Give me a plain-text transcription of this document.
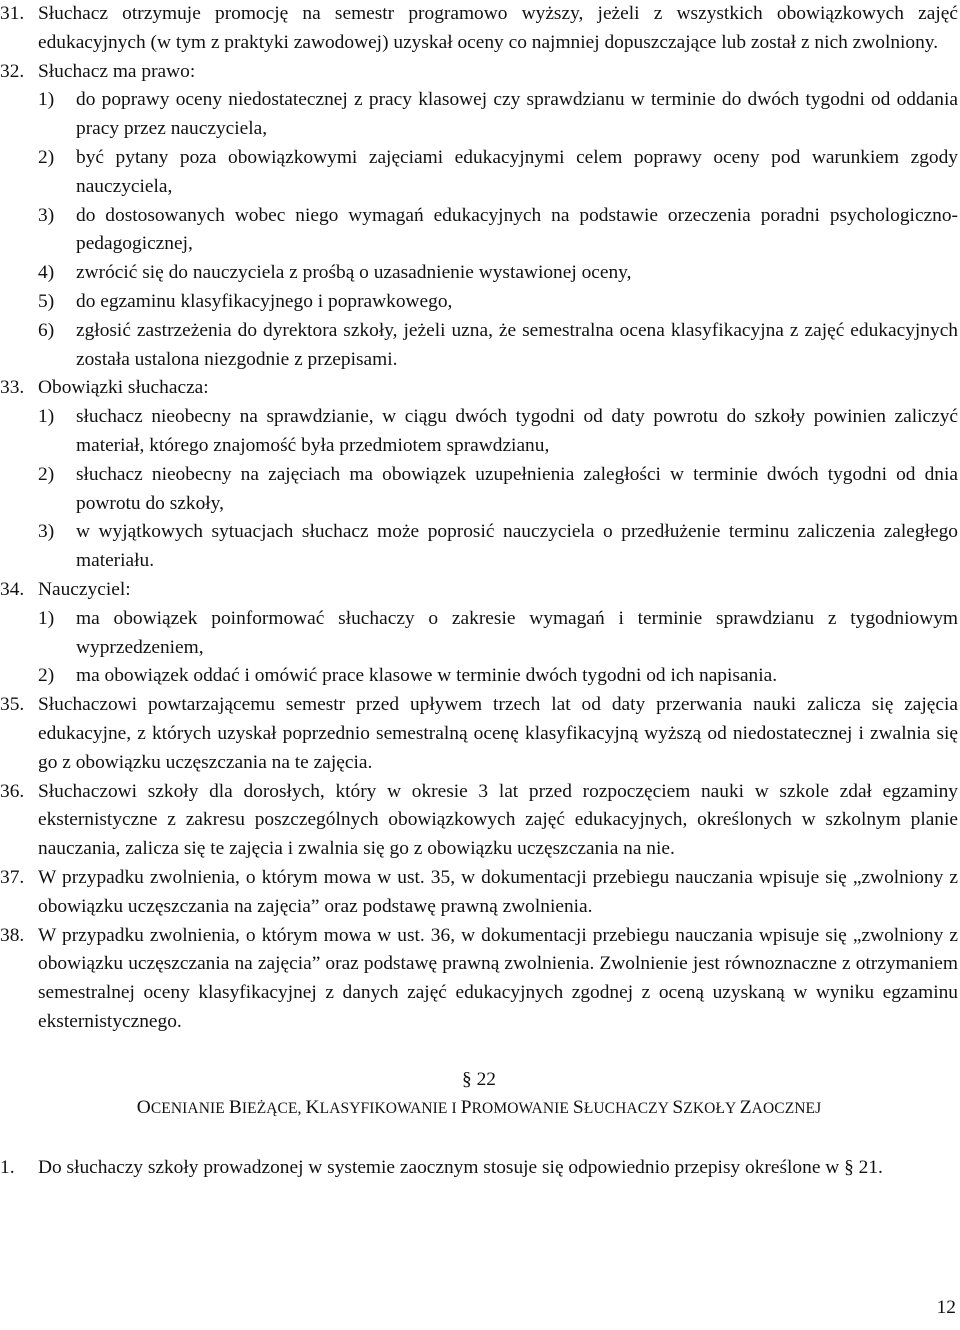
31. Słuchacz otrzymuje promocję na semestr programowo wyższy, jeżeli z wszystkich obowiązkowych zajęć edukacyjnych (w tym z praktyki zawodowej) uzyskał oceny co najmniej dopuszczające lub został z nich zwolniony.
32. Słuchacz ma prawo:
1) do poprawy oceny niedostatecznej z pracy klasowej czy sprawdzianu w terminie do dwóch tygodni od oddania pracy przez nauczyciela,
2) być pytany poza obowiązkowymi zajęciami edukacyjnymi celem poprawy oceny pod warunkiem zgody nauczyciela,
3) do dostosowanych wobec niego wymagań edukacyjnych na podstawie orzeczenia poradni psychologiczno-pedagogicznej,
4) zwrócić się do nauczyciela z prośbą o uzasadnienie wystawionej oceny,
5) do egzaminu klasyfikacyjnego i poprawkowego,
6) zgłosić zastrzeżenia do dyrektora szkoły, jeżeli uzna, że semestralna ocena klasyfikacyjna z zajęć edukacyjnych została ustalona niezgodnie z przepisami.
33. Obowiązki słuchacza:
1) słuchacz nieobecny na sprawdzianie, w ciągu dwóch tygodni od daty powrotu do szkoły powinien zaliczyć materiał, którego znajomość była przedmiotem sprawdzianu,
2) słuchacz nieobecny na zajęciach ma obowiązek uzupełnienia zaległości w terminie dwóch tygodni od dnia powrotu do szkoły,
3) w wyjątkowych sytuacjach słuchacz może poprosić nauczyciela o przedłużenie terminu zaliczenia zaległego materiału.
34. Nauczyciel:
1) ma obowiązek poinformować słuchaczy o zakresie wymagań i terminie sprawdzianu z tygodniowym wyprzedzeniem,
2) ma obowiązek oddać i omówić prace klasowe w terminie dwóch tygodni od ich napisania.
35. Słuchaczowi powtarzającemu semestr przed upływem trzech lat od daty przerwania nauki zalicza się zajęcia edukacyjne, z których uzyskał poprzednio semestralną ocenę klasyfikacyjną wyższą od niedostatecznej i zwalnia się go z obowiązku uczęszczania na te zajęcia.
36. Słuchaczowi szkoły dla dorosłych, który w okresie 3 lat przed rozpoczęciem nauki w szkole zdał egzaminy eksternistyczne z zakresu poszczególnych obowiązkowych zajęć edukacyjnych, określonych w szkolnym planie nauczania, zalicza się te zajęcia i zwalnia się go z obowiązku uczęszczania na nie.
37. W przypadku zwolnienia, o którym mowa w ust. 35, w dokumentacji przebiegu nauczania wpisuje się „zwolniony z obowiązku uczęszczania na zajęcia” oraz podstawę prawną zwolnienia.
38. W przypadku zwolnienia, o którym mowa w ust. 36, w dokumentacji przebiegu nauczania wpisuje się „zwolniony z obowiązku uczęszczania na zajęcia” oraz podstawę prawną zwolnienia. Zwolnienie jest równoznaczne z otrzymaniem semestralnej oceny klasyfikacyjnej z danych zajęć edukacyjnych zgodnej z oceną uzyskaną w wyniku egzaminu eksternistycznego.
§ 22
OCENIANIE BIEŻĄCE, KLASYFIKOWANIE I PROMOWANIE SŁUCHACZY SZKOŁY ZAOCZNEJ
1. Do słuchaczy szkoły prowadzonej w systemie zaocznym stosuje się odpowiednio przepisy określone w § 21.
12
